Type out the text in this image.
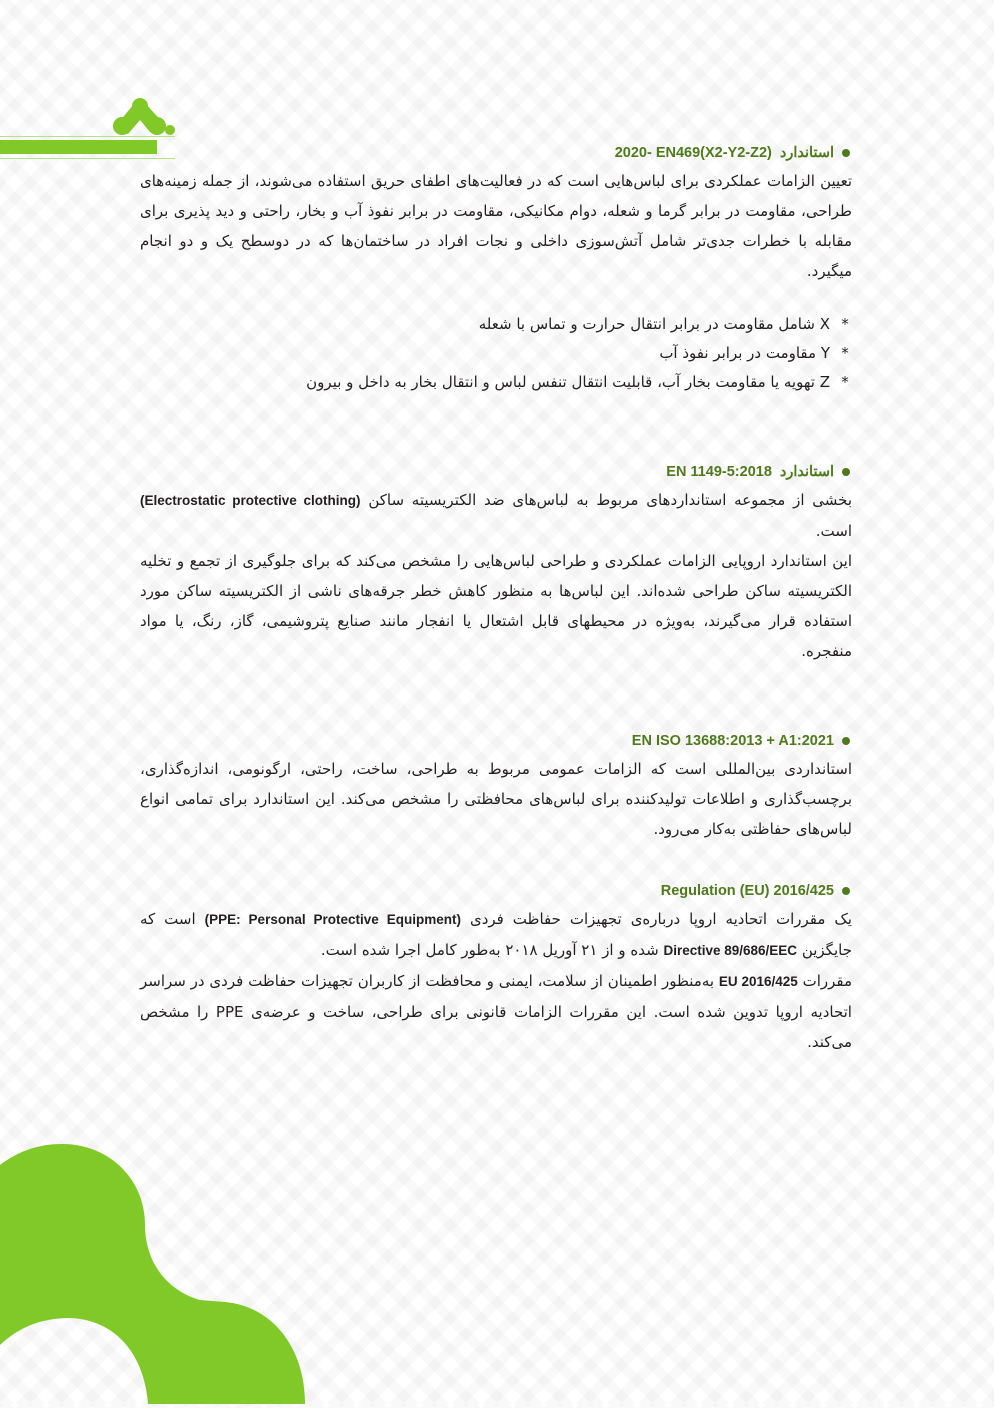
استاندارد
2020- EN469(X2-Y2-Z2)

تعیین الزامات عملکردی برای لباس‌هایی است که در فعالیت‌های اطفای حریق استفاده می‌شوند، از جمله زمینه‌های طراحی، مقاومت در برابر گرما و شعله، دوام مکانیکی، مقاومت در برابر نفوذ آب و بخار، راحتی و دید پذیری برای مقابله با خطرات جدی‌تر شامل آتش‌سوزی داخلی و نجات افراد در ساختمان‌ها که در دوسطح یک و دو انجام میگیرد.

*
X شامل مقاومت در برابر انتقال حرارت و تماس با شعله
*
Y مقاومت در برابر نفوذ آب
*
Z تهویه یا مقاومت بخار آب، قابلیت انتقال تنفس لباس و انتقال بخار به داخل و بیرون
استاندارد
EN 1149-5:2018

بخشی از مجموعه استانداردهای مربوط به لباس‌های ضد الکتریسیته ساکن (Electrostatic protective clothing) است.

این استاندارد اروپایی الزامات عملکردی و طراحی لباس‌هایی را مشخص می‌کند که برای جلوگیری از تجمع و تخلیه الکتریسیته ساکن طراحی شده‌اند. این لباس‌ها به منظور کاهش خطر جرقه‌های ناشی از الکتریسیته ساکن مورد استفاده قرار می‌گیرند، به‌ویژه در محیطهای قابل اشتعال یا انفجار مانند صنایع پتروشیمی، گاز، رنگ، یا مواد منفجره.

EN ISO 13688:2013 + A1:2021

استانداردی بین‌المللی است که الزامات عمومی مربوط به طراحی، ساخت، راحتی، ارگونومی، اندازه‌گذاری، برچسب‌گذاری و اطلاعات تولیدکننده برای لباس‌های محافظتی را مشخص می‌کند. این استاندارد برای تمامی انواع لباس‌های حفاظتی به‌کار می‌رود.

Regulation (EU) 2016/425

یک مقررات اتحادیه اروپا درباره‌ی تجهیزات حفاظت فردی (PPE: Personal Protective Equipment) است که جایگزین Directive 89/686/EEC شده و از ۲۱ آوریل ۲۰۱۸ به‌طور کامل اجرا شده است.

مقررات EU 2016/425 به‌منظور اطمینان از سلامت، ایمنی و محافظت از کاربران تجهیزات حفاظت فردی در سراسر اتحادیه اروپا تدوین شده است. این مقررات الزامات قانونی برای طراحی، ساخت و عرضه‌ی PPE را مشخص می‌کند.
